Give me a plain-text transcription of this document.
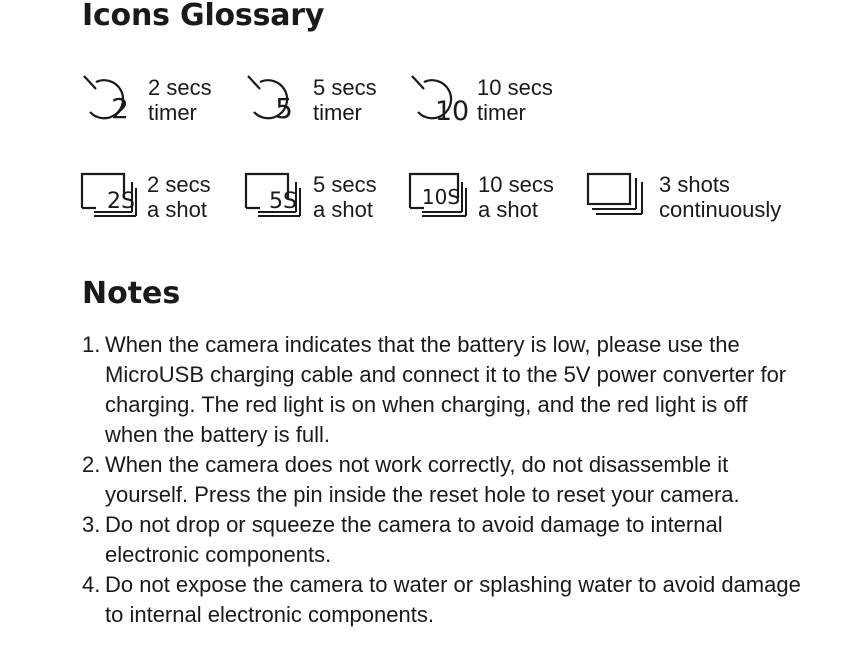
Icons Glossary
2
2 secs
timer	5
5 secs
timer	10
10 secs
timer
2S
2 secs
a shot	5S
5 secs
a shot 10S 10 secs
a shot
3 shots
continuously
Notes
1. When the camera indicates that the battery is low, please use the MicroUSB charging cable and connect it to the 5V power converter for charging. The red light is on when charging, and the red light is off when the battery is full.
2. When the camera does not work correctly, do not disassemble it yourself. Press the pin inside the reset hole to reset your camera.
3. Do not drop or squeeze the camera to avoid damage to internal electronic components.
4. Do not expose the camera to water or splashing water to avoid damage to internal electronic components.
